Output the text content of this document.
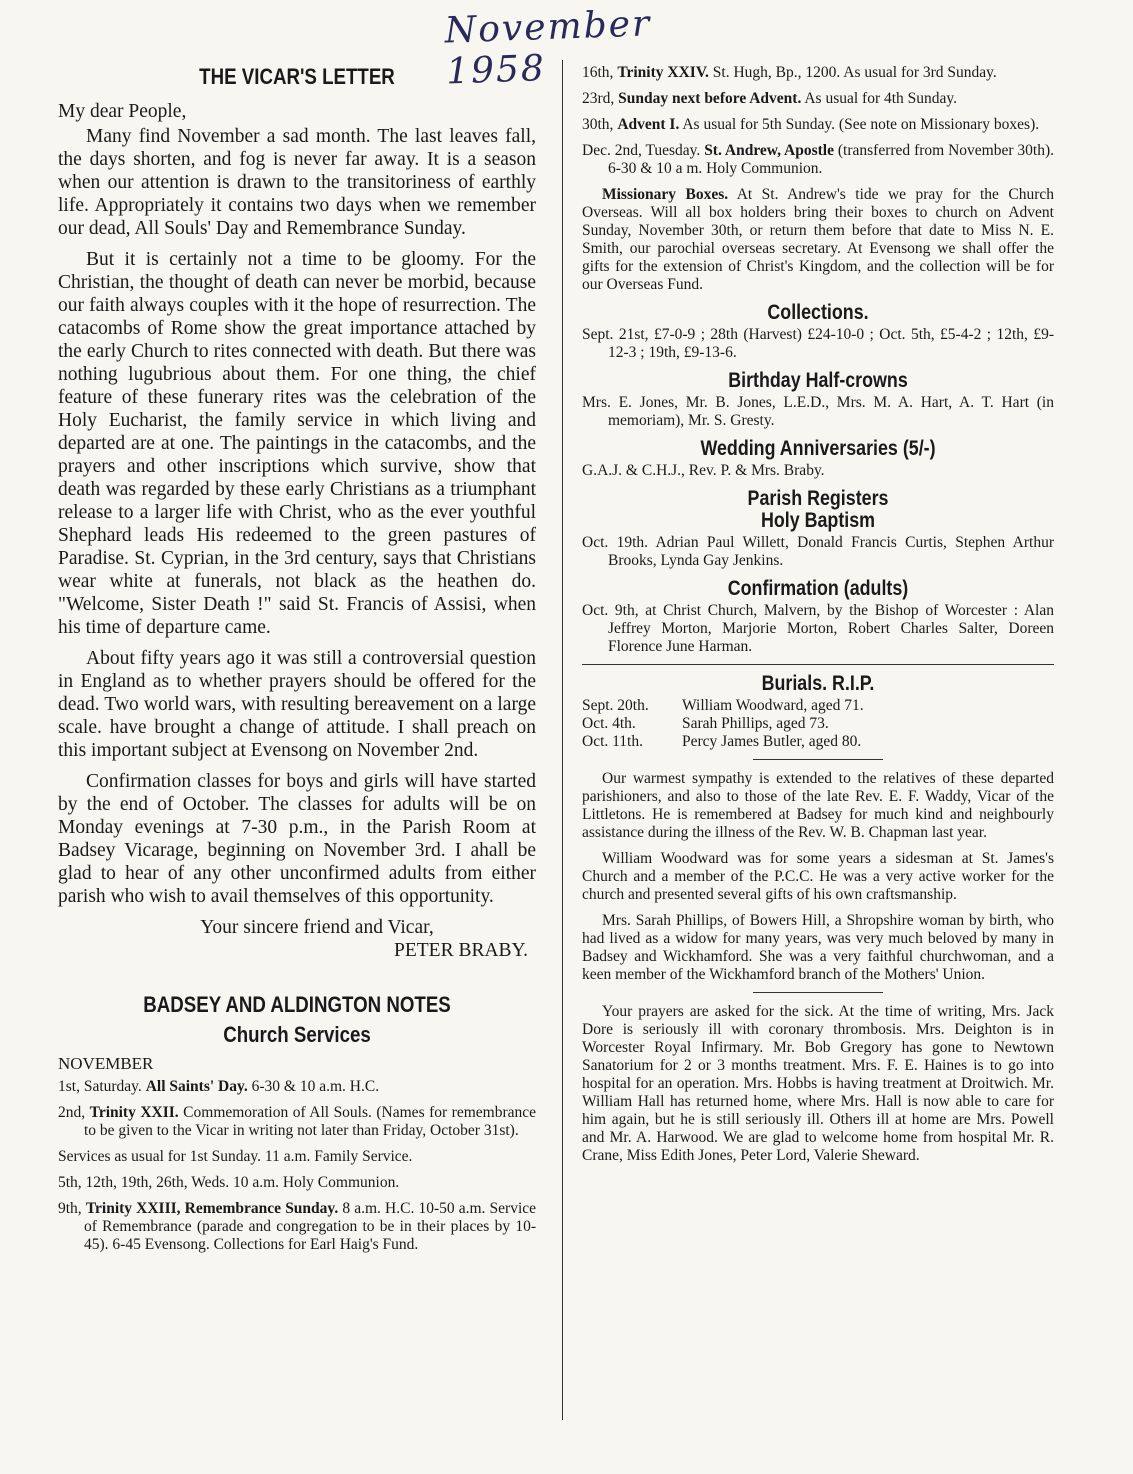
November 1958
THE VICAR'S LETTER

My dear People,

Many find November a sad month. The last leaves fall, the days shorten, and fog is never far away. It is a season when our attention is drawn to the transitoriness of earthly life. Appropriately it contains two days when we remember our dead, All Souls' Day and Remembrance Sunday.

But it is certainly not a time to be gloomy. For the Christian, the thought of death can never be morbid, because our faith always couples with it the hope of resurrection. The catacombs of Rome show the great importance attached by the early Church to rites connected with death. But there was nothing lugubrious about them. For one thing, the chief feature of these funerary rites was the celebration of the Holy Eucharist, the family service in which living and departed are at one. The paintings in the catacombs, and the prayers and other inscriptions which survive, show that death was regarded by these early Christians as a triumphant release to a larger life with Christ, who as the ever youthful Shephard leads His redeemed to the green pastures of Paradise. St. Cyprian, in the 3rd century, says that Christians wear white at funerals, not black as the heathen do. "Welcome, Sister Death !" said St. Francis of Assisi, when his time of departure came.

About fifty years ago it was still a controversial question in England as to whether prayers should be offered for the dead. Two world wars, with resulting bereavement on a large scale. have brought a change of attitude. I shall preach on this important subject at Evensong on November 2nd.

Confirmation classes for boys and girls will have started by the end of October. The classes for adults will be on Monday evenings at 7-30 p.m., in the Parish Room at Badsey Vicarage, beginning on November 3rd. I ahall be glad to hear of any other unconfirmed adults from either parish who wish to avail themselves of this opportunity.

Your sincere friend and Vicar,

PETER BRABY.

BADSEY AND ALDINGTON NOTES
Church Services
NOVEMBER

1st, Saturday. All Saints' Day. 6-30 & 10 a.m. H.C.

2nd, Trinity XXII. Commemoration of All Souls. (Names for remembrance to be given to the Vicar in writing not later than Friday, October 31st).

Services as usual for 1st Sunday. 11 a.m. Family Service.

5th, 12th, 19th, 26th, Weds. 10 a.m. Holy Communion.

9th, Trinity XXIII, Remembrance Sunday. 8 a.m. H.C. 10-50 a.m. Service of Remembrance (parade and congregation to be in their places by 10-45). 6-45 Evensong. Collections for Earl Haig's Fund.

16th, Trinity XXIV. St. Hugh, Bp., 1200. As usual for 3rd Sunday.

23rd, Sunday next before Advent. As usual for 4th Sunday.

30th, Advent I. As usual for 5th Sunday. (See note on Missionary boxes).

Dec. 2nd, Tuesday. St. Andrew, Apostle (transferred from November 30th). 6-30 & 10 a m. Holy Communion.

Missionary Boxes. At St. Andrew's tide we pray for the Church Overseas. Will all box holders bring their boxes to church on Advent Sunday, November 30th, or return them before that date to Miss N. E. Smith, our parochial overseas secretary. At Evensong we shall offer the gifts for the extension of Christ's Kingdom, and the collection will be for our Overseas Fund.

Collections.

Sept. 21st, £7-0-9 ; 28th (Harvest) £24-10-0 ; Oct. 5th, £5-4-2 ; 12th, £9-12-3 ; 19th, £9-13-6.

Birthday Half-crowns

Mrs. E. Jones, Mr. B. Jones, L.E.D., Mrs. M. A. Hart, A. T. Hart (in memoriam), Mr. S. Gresty.

Wedding Anniversaries (5/-)

G.A.J. & C.H.J., Rev. P. & Mrs. Braby.

Parish Registers
Holy Baptism

Oct. 19th. Adrian Paul Willett, Donald Francis Curtis, Stephen Arthur Brooks, Lynda Gay Jenkins.

Confirmation (adults)

Oct. 9th, at Christ Church, Malvern, by the Bishop of Worcester : Alan Jeffrey Morton, Marjorie Morton, Robert Charles Salter, Doreen Florence June Harman.

Burials. R.I.P.
Sept. 20th.	William Woodward, aged 71.
Oct. 4th.	Sarah Phillips, aged 73.
Oct. 11th.	Percy James Butler, aged 80.

Our warmest sympathy is extended to the relatives of these departed parishioners, and also to those of the late Rev. E. F. Waddy, Vicar of the Littletons. He is remembered at Badsey for much kind and neighbourly assistance during the illness of the Rev. W. B. Chapman last year.

William Woodward was for some years a sidesman at St. James's Church and a member of the P.C.C. He was a very active worker for the church and presented several gifts of his own craftsmanship.

Mrs. Sarah Phillips, of Bowers Hill, a Shropshire woman by birth, who had lived as a widow for many years, was very much beloved by many in Badsey and Wickhamford. She was a very faithful churchwoman, and a keen member of the Wickhamford branch of the Mothers' Union.

Your prayers are asked for the sick. At the time of writing, Mrs. Jack Dore is seriously ill with coronary thrombosis. Mrs. Deighton is in Worcester Royal Infirmary. Mr. Bob Gregory has gone to Newtown Sanatorium for 2 or 3 months treatment. Mrs. F. E. Haines is to go into hospital for an operation. Mrs. Hobbs is having treatment at Droitwich. Mr. William Hall has returned home, where Mrs. Hall is now able to care for him again, but he is still seriously ill. Others ill at home are Mrs. Powell and Mr. A. Harwood. We are glad to welcome home from hospital Mr. R. Crane, Miss Edith Jones, Peter Lord, Valerie Sheward.
